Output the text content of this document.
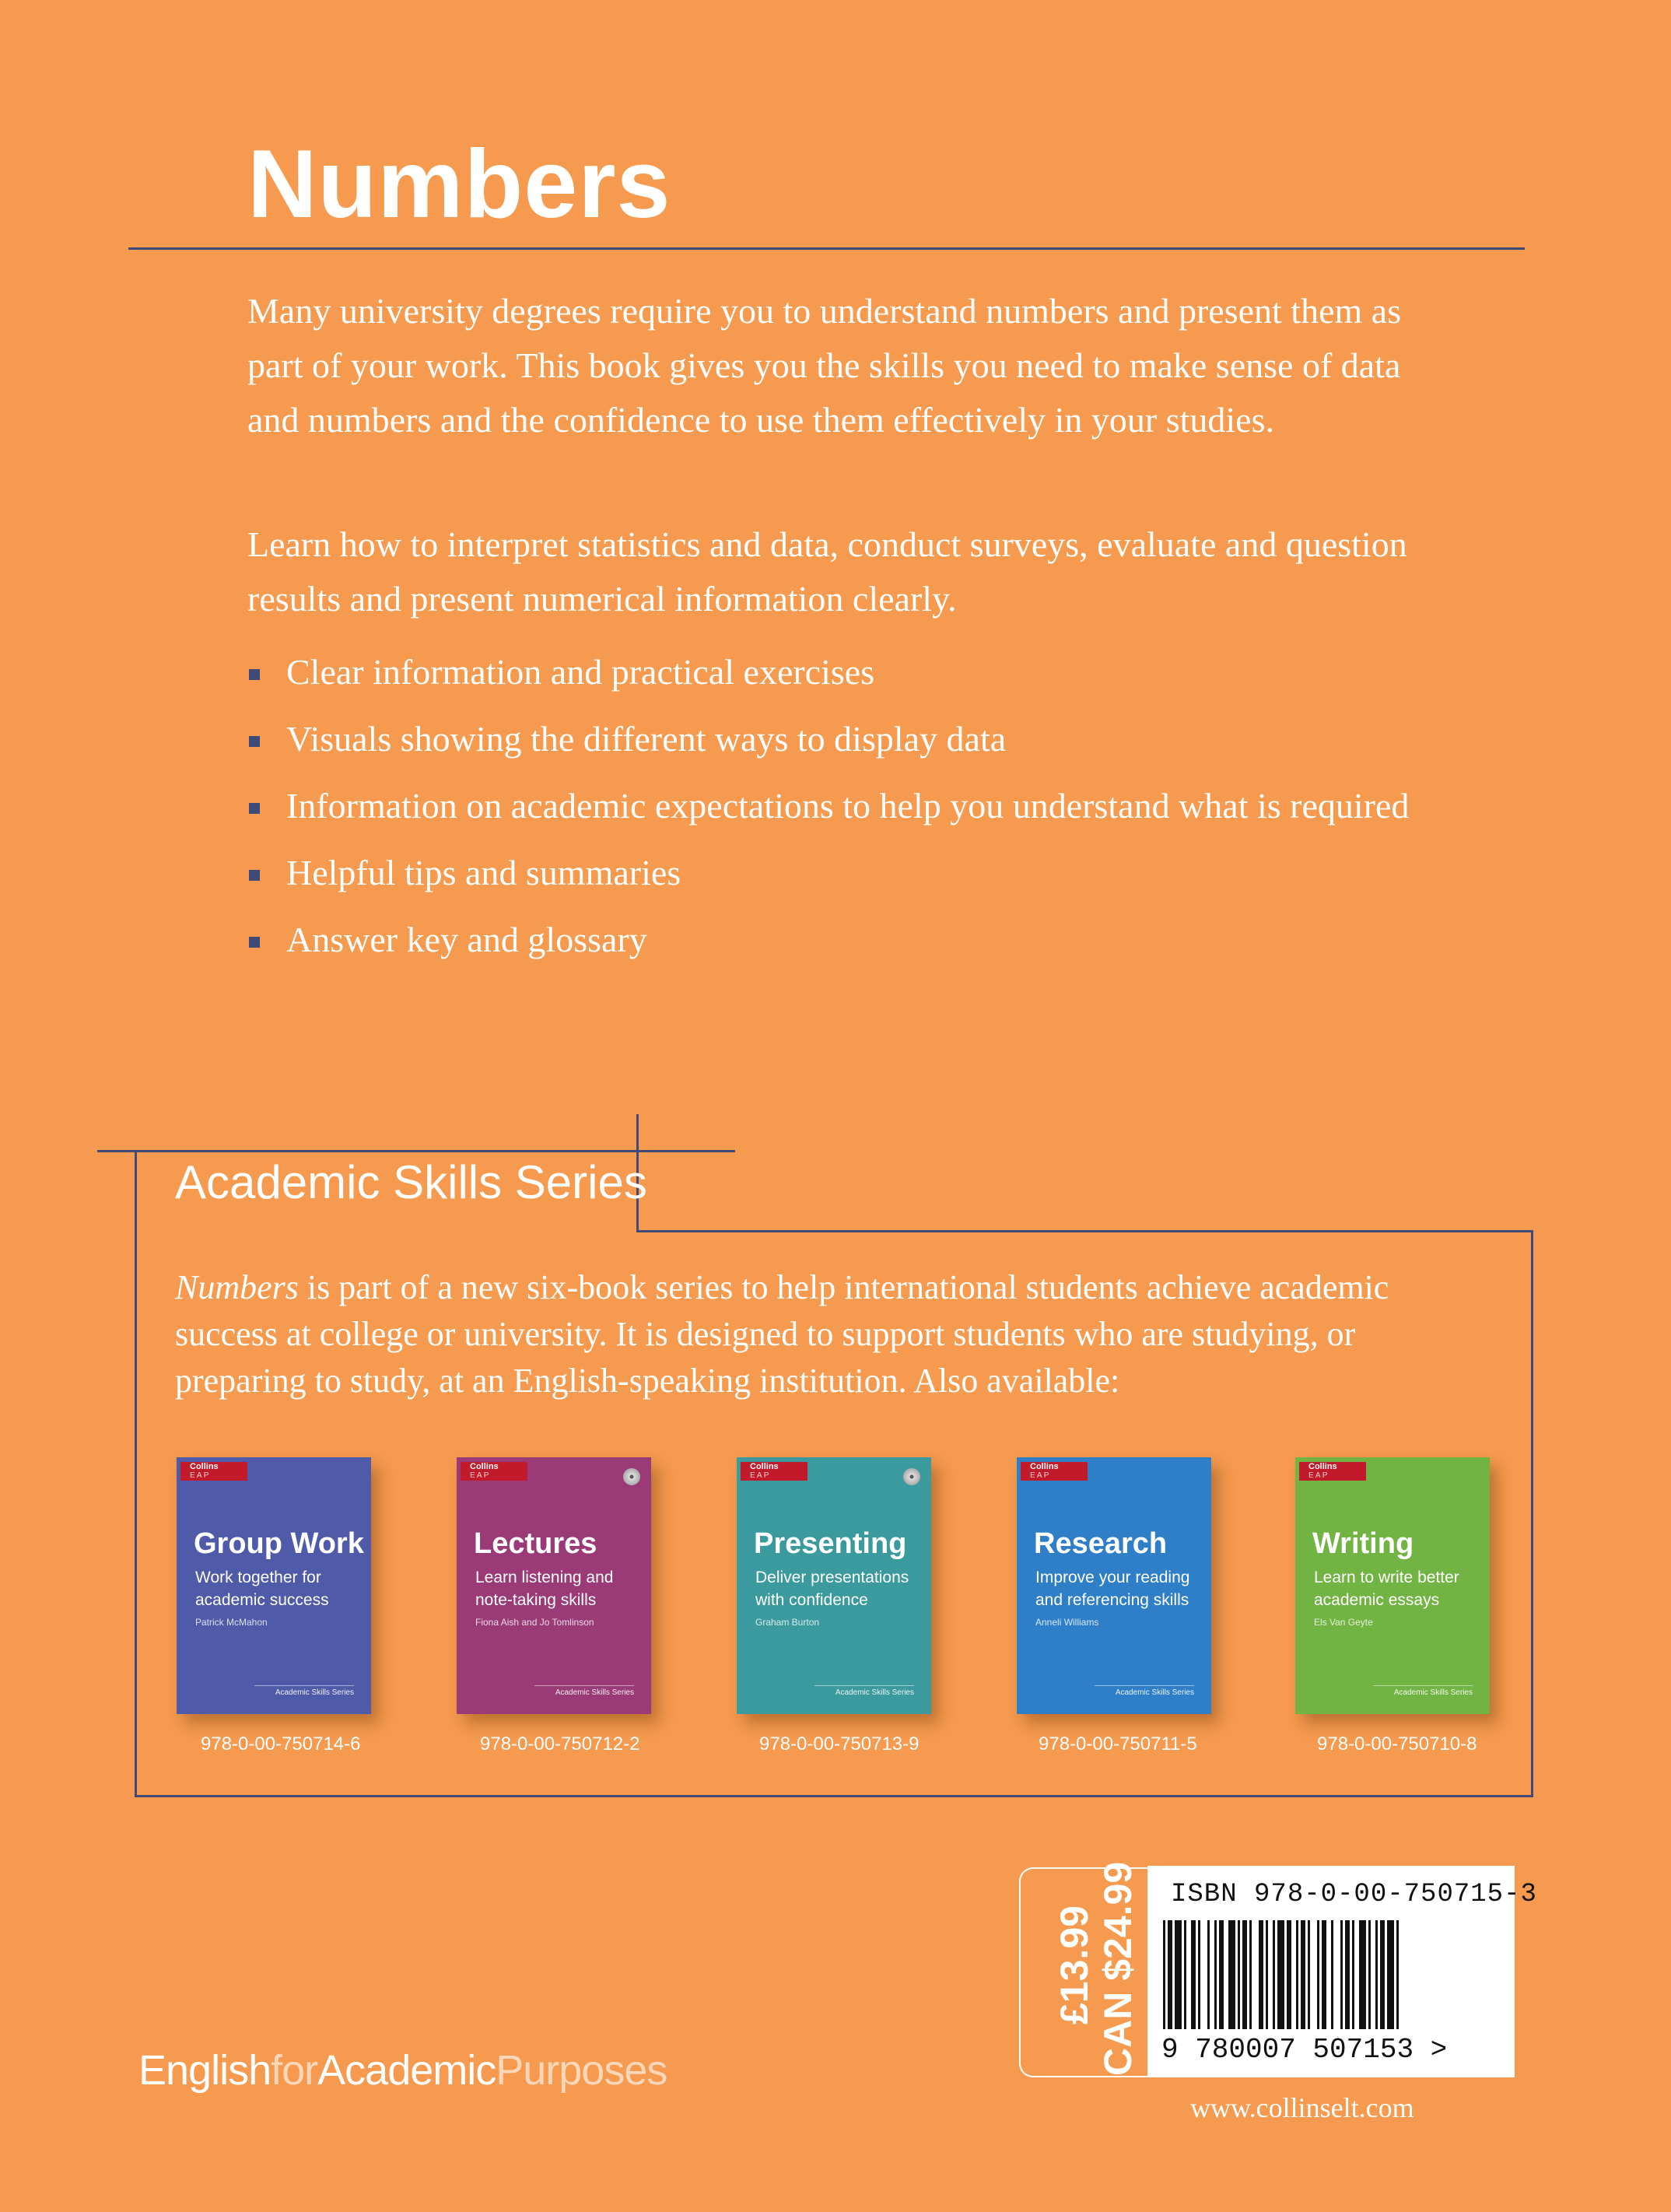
Numbers
Many university degrees require you to understand numbers and present them as part of your work. This book gives you the skills you need to make sense of data and numbers and the confidence to use them effectively in your studies.
Learn how to interpret statistics and data, conduct surveys, evaluate and question results and present numerical information clearly.
Clear information and practical exercises
Visuals showing the different ways to display data
Information on academic expectations to help you understand what is required
Helpful tips and summaries
Answer key and glossary
Academic Skills Series
Numbers is part of a new six-book series to help international students achieve academic success at college or university. It is designed to support students who are studying, or preparing to study, at an English-speaking institution. Also available:
Collins
E A P
Group Work
Work together for academic success
Patrick McMahon
Academic Skills Series
Collins
E A P
Lectures
Learn listening and note-taking skills
Fiona Aish and Jo Tomlinson
Academic Skills Series
Collins
E A P
Presenting
Deliver presentations with confidence
Graham Burton
Academic Skills Series
Collins
E A P
Research
Improve your reading and referencing skills
Anneli Williams
Academic Skills Series
Collins
E A P
Writing
Learn to write better academic essays
Els Van Geyte
Academic Skills Series
978-0-00-750714-6	978-0-00-750712-2	978-0-00-750713-9	978-0-00-750711-5	978-0-00-750710-8
£13.99 CAN $24.99 ISBN 978-0-00-750715-3
9 780007 507153 >
www.collinselt.com
EnglishforAcademicPurposes
